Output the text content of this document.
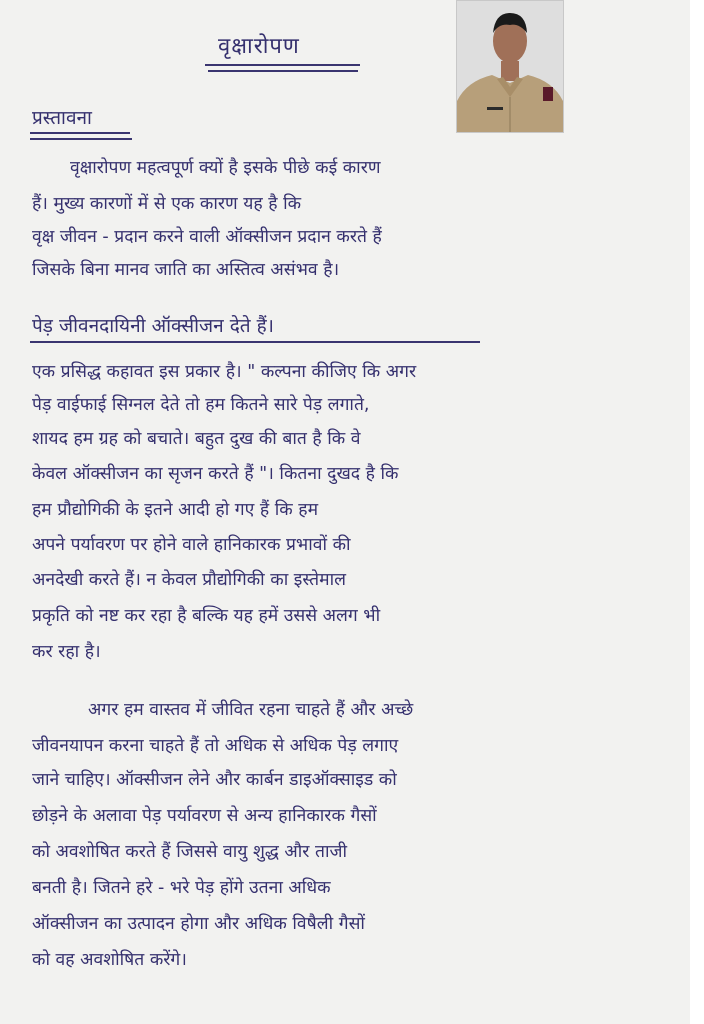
वृक्षारोपण
प्रस्तावना
वृक्षारोपण महत्वपूर्ण क्यों है इसके पीछे कई कारण
हैं। मुख्य कारणों में से एक कारण यह है कि
वृक्ष जीवन - प्रदान करने वाली ऑक्सीजन प्रदान करते हैं
जिसके बिना मानव जाति का अस्तित्व असंभव है।
पेड़ जीवनदायिनी ऑक्सीजन देते हैं।
एक प्रसिद्ध कहावत इस प्रकार है। " कल्पना कीजिए कि अगर
पेड़ वाईफाई सिग्नल देते तो हम कितने सारे पेड़ लगाते,
शायद हम ग्रह को बचाते। बहुत दुख की बात है कि वे
केवल ऑक्सीजन का सृजन करते हैं "। कितना दुखद है कि
हम प्रौद्योगिकी के इतने आदी हो गए हैं कि हम
अपने पर्यावरण पर होने वाले हानिकारक प्रभावों की
अनदेखी करते हैं। न केवल प्रौद्योगिकी का इस्तेमाल
प्रकृति को नष्ट कर रहा है बल्कि यह हमें उससे अलग भी
कर रहा है।
अगर हम वास्तव में जीवित रहना चाहते हैं और अच्छे
जीवनयापन करना चाहते हैं तो अधिक से अधिक पेड़ लगाए
जाने चाहिए। ऑक्सीजन लेने और कार्बन डाइऑक्साइड को
छोड़ने के अलावा पेड़ पर्यावरण से अन्य हानिकारक गैसों
को अवशोषित करते हैं जिससे वायु शुद्ध और ताजी
बनती है। जितने हरे - भरे पेड़ होंगे उतना अधिक
ऑक्सीजन का उत्पादन होगा और अधिक विषैली गैसों
को वह अवशोषित करेंगे।
